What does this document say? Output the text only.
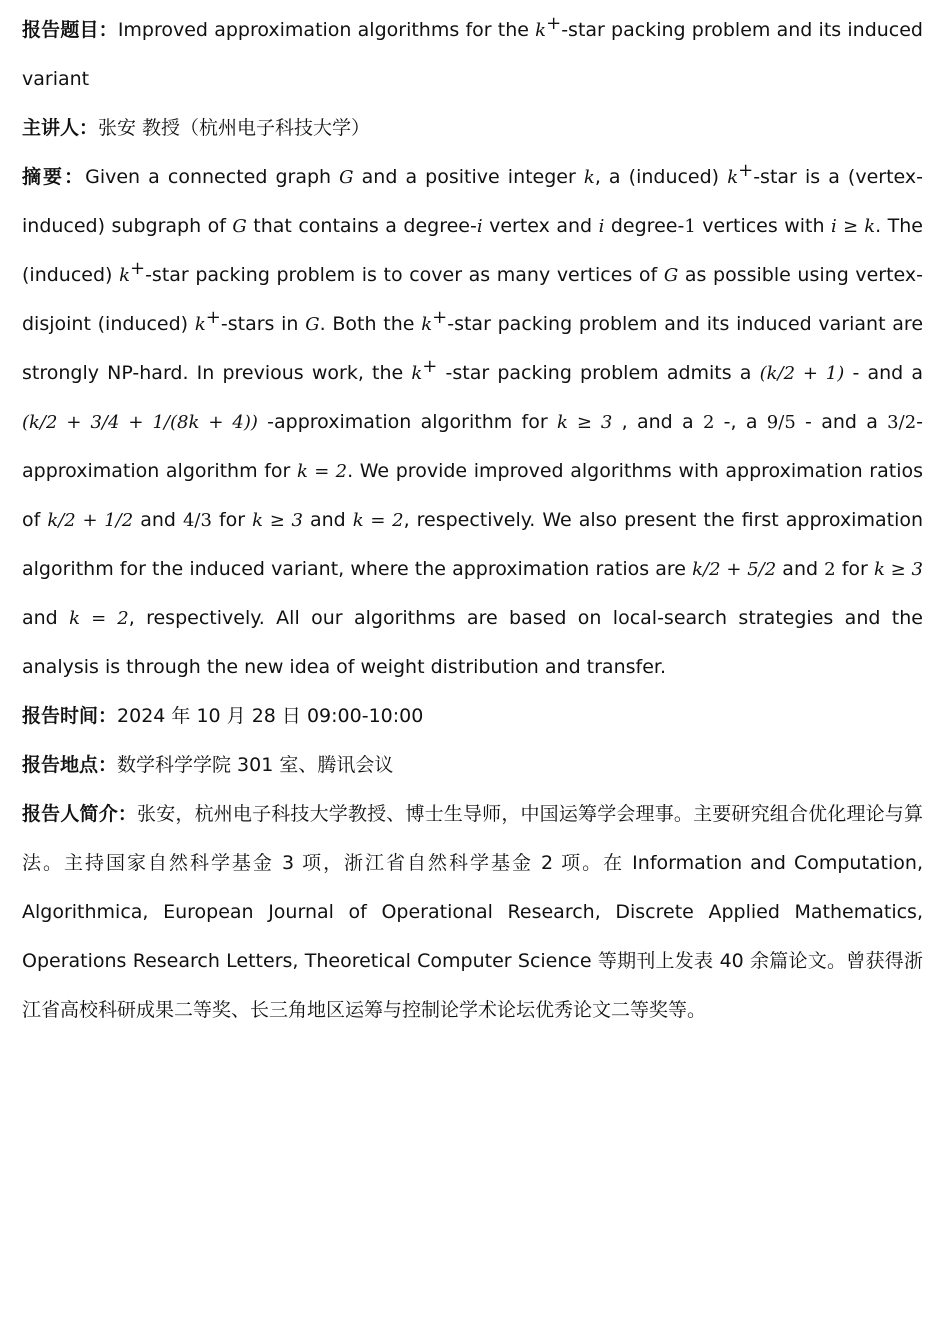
报告题目：Improved approximation algorithms for the k+-star packing problem and its induced variant

主讲人：张安 教授（杭州电子科技大学）

摘要：Given a connected graph G and a positive integer k, a (induced) k+-star is a (vertex-induced) subgraph of G that contains a degree-i vertex and i degree-1 vertices with i ≥ k. The (induced) k+-star packing problem is to cover as many vertices of G as possible using vertex-disjoint (induced) k+-stars in G. Both the k+-star packing problem and its induced variant are strongly NP-hard. In previous work, the k+ -star packing problem admits a (k/2 + 1) - and a (k/2 + 3/4 + 1/(8k + 4)) -approximation algorithm for k ≥ 3 , and a 2 -, a 9/5 - and a 3/2-approximation algorithm for k = 2. We provide improved algorithms with approximation ratios of k/2 + 1/2 and 4/3 for k ≥ 3 and k = 2, respectively. We also present the first approximation algorithm for the induced variant, where the approximation ratios are k/2 + 5/2 and 2 for k ≥ 3 and k = 2, respectively. All our algorithms are based on local-search strategies and the analysis is through the new idea of weight distribution and transfer.

报告时间：2024 年 10 月 28 日 09:00-10:00

报告地点：数学科学学院 301 室、腾讯会议

报告人简介：张安，杭州电子科技大学教授、博士生导师，中国运筹学会理事。主要研究组合优化理论与算法。主持国家自然科学基金 3 项，浙江省自然科学基金 2 项。在 Information and Computation, Algorithmica, European Journal of Operational Research, Discrete Applied Mathematics, Operations Research Letters, Theoretical Computer Science 等期刊上发表 40 余篇论文。曾获得浙江省高校科研成果二等奖、长三角地区运筹与控制论学术论坛优秀论文二等奖等。
